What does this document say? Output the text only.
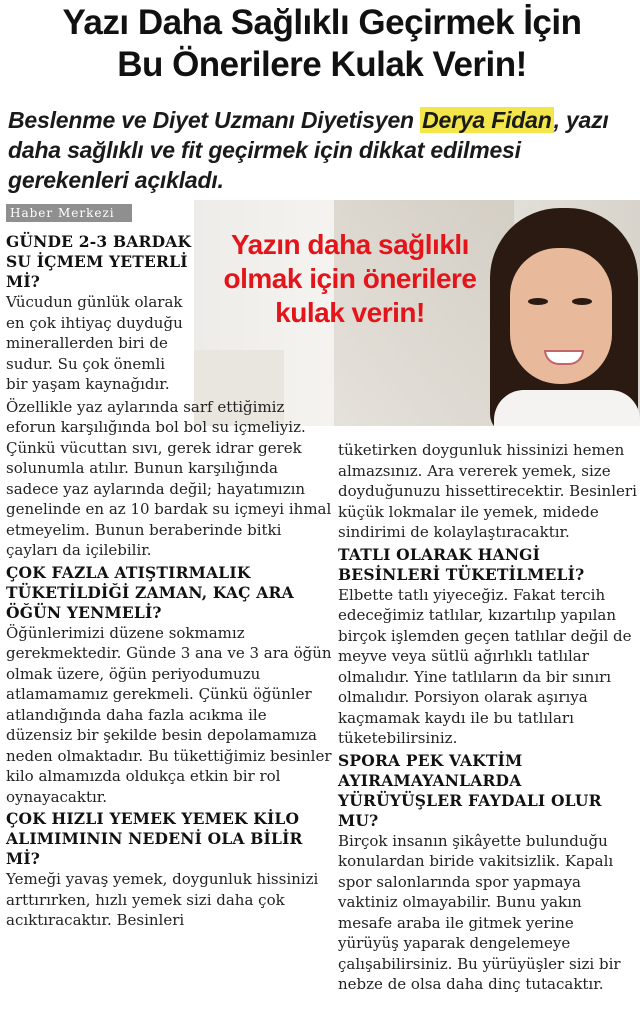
Yazı Daha Sağlıklı Geçirmek İçin
Bu Önerilere Kulak Verin!
Beslenme ve Diyet Uzmanı Diyetisyen Derya Fidan, yazı daha sağlıklı ve fit geçirmek için dikkat edilmesi gerekenleri açıkladı.
Haber Merkezi
Yazın daha sağlıklı
olmak için önerilere
kulak verin!
GÜNDE 2-3 BARDAK SU İÇMEM YETERLİ Mİ?

Vücudun günlük olarak en çok ihtiyaç duyduğu minerallerden biri de sudur. Su çok önemli bir yaşam kaynağıdır.

Özellikle yaz aylarında sarf ettiğimiz eforun karşılığında bol bol su içmeliyiz. Çünkü vücuttan sıvı, gerek idrar gerek solunumla atılır. Bunun karşılığında sadece yaz aylarında değil; hayatımızın genelinde en az 10 bardak su içmeyi ihmal etmeyelim. Bunun beraberinde bitki çayları da içilebilir.

ÇOK FAZLA ATIŞTIRMALIK TÜKETİLDİĞİ ZAMAN, KAÇ ARA ÖĞÜN YENMELİ?

Öğünlerimizi düzene sokmamız gerekmektedir. Günde 3 ana ve 3 ara öğün olmak üzere, öğün periyodumuzu atlamamamız gerekmeli. Çünkü öğünler atlandığında daha fazla acıkma ile düzensiz bir şekilde besin depolamamıza neden olmaktadır. Bu tükettiğimiz besinler kilo almamızda oldukça etkin bir rol oynayacaktır.

ÇOK HIZLI YEMEK YEMEK KİLO ALIMIMININ NEDENİ OLA BİLİR Mİ?

Yemeği yavaş yemek, doygunluk hissinizi arttırırken, hızlı yemek sizi daha çok acıktıracaktır. Besinleri

tüketirken doygunluk hissinizi hemen almazsınız. Ara vererek yemek, size doyduğunuzu hissettirecektir. Besinleri küçük lokmalar ile yemek, midede sindirimi de kolaylaştıracaktır.

TATLI OLARAK HANGİ BESİNLERİ TÜKETİLMELİ?

Elbette tatlı yiyeceğiz. Fakat tercih edeceğimiz tatlılar, kızartılıp yapılan birçok işlemden geçen tatlılar değil de meyve veya sütlü ağırlıklı tatlılar olmalıdır. Yine tatlıların da bir sınırı olmalıdır. Porsiyon olarak aşırıya kaçmamak kaydı ile bu tatlıları tüketebilirsiniz.

SPORA PEK VAKTİM AYIRAMAYANLARDA YÜRÜYÜŞLER FAYDALI OLUR MU?

Birçok insanın şikâyette bulunduğu konulardan biride vakitsizlik. Kapalı spor salonlarında spor yapmaya vaktiniz olmayabilir. Bunu yakın mesafe araba ile gitmek yerine yürüyüş yaparak dengelemeye çalışabilirsiniz. Bu yürüyüşler sizi bir nebze de olsa daha dinç tutacaktır.
